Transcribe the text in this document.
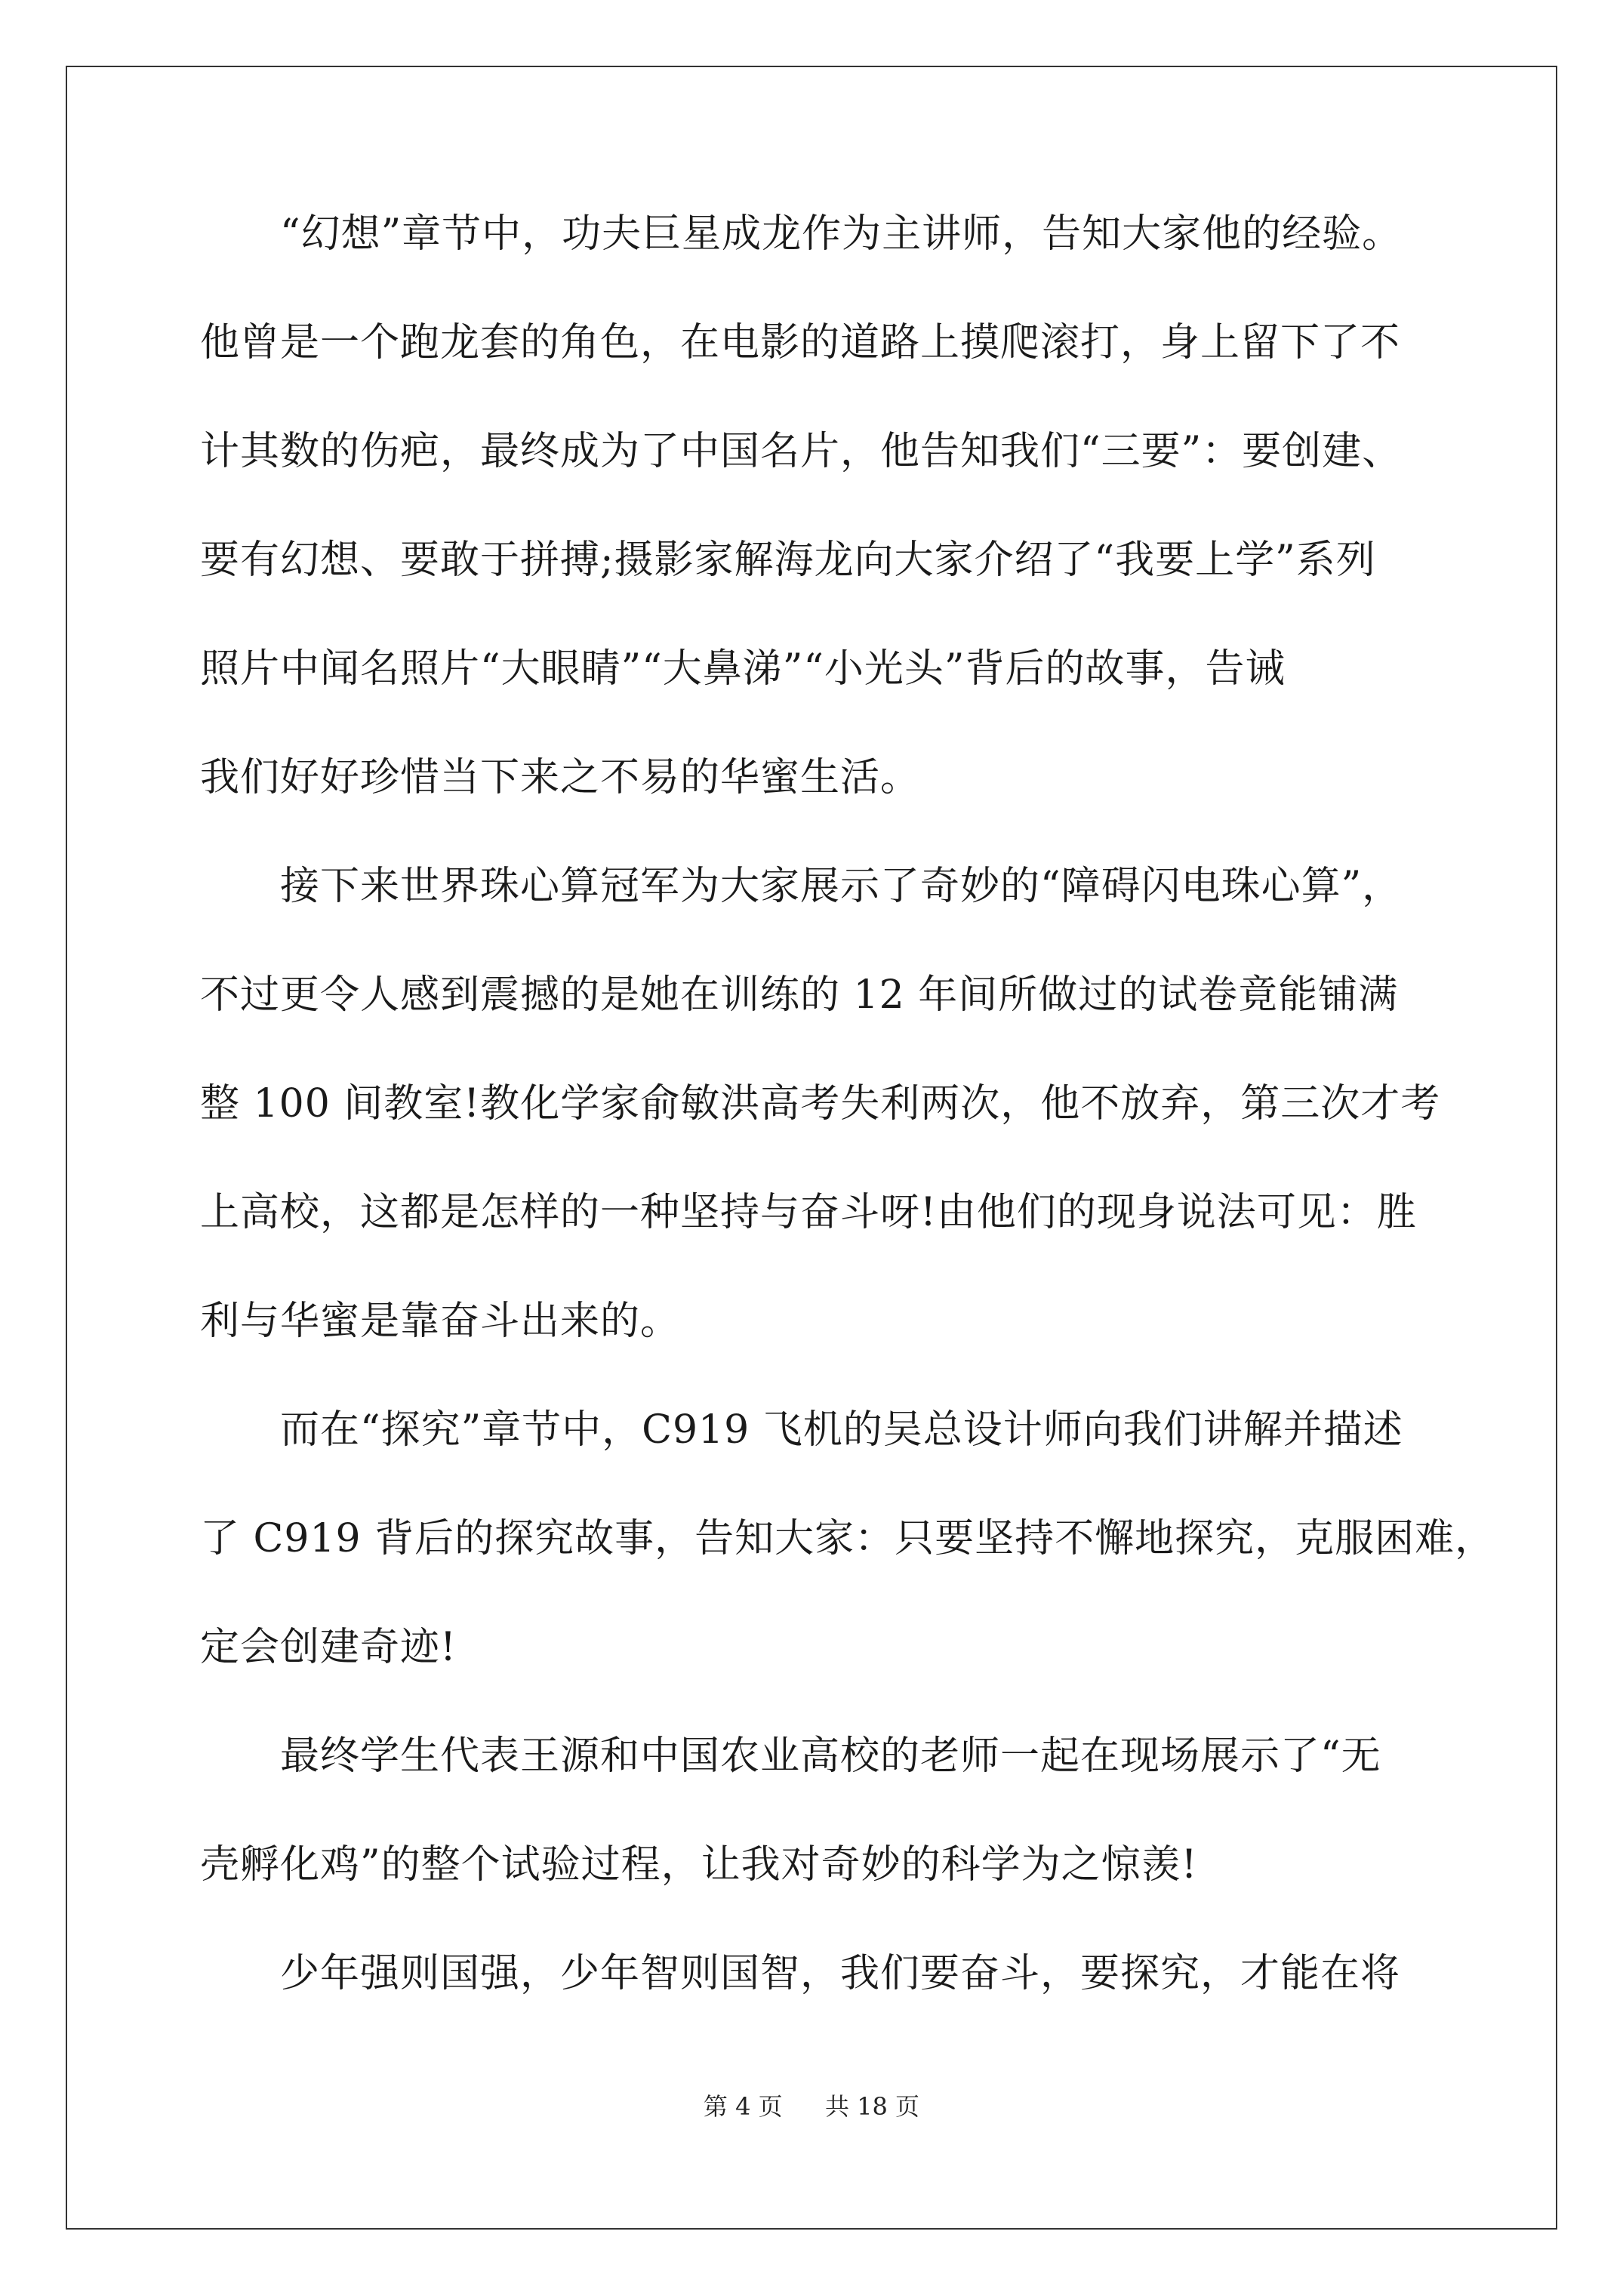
“幻想”章节中，功夫巨星成龙作为主讲师，告知大家他的经验。
他曾是一个跑龙套的角色，在电影的道路上摸爬滚打，身上留下了不
计其数的伤疤，最终成为了中国名片，他告知我们“三要”：要创建、
要有幻想、要敢于拼搏;摄影家解海龙向大家介绍了“我要上学”系列
照片中闻名照片“大眼睛”“大鼻涕”“小光头”背后的故事，告诫
我们好好珍惜当下来之不易的华蜜生活。
接下来世界珠心算冠军为大家展示了奇妙的“障碍闪电珠心算”，
不过更令人感到震撼的是她在训练的 12 年间所做过的试卷竟能铺满
整 100 间教室!教化学家俞敏洪高考失利两次，他不放弃，第三次才考
上高校，这都是怎样的一种坚持与奋斗呀!由他们的现身说法可见：胜
利与华蜜是靠奋斗出来的。
而在“探究”章节中，C919 飞机的吴总设计师向我们讲解并描述
了 C919 背后的探究故事，告知大家：只要坚持不懈地探究，克服困难，
定会创建奇迹!
最终学生代表王源和中国农业高校的老师一起在现场展示了“无
壳孵化鸡”的整个试验过程，让我对奇妙的科学为之惊羡!
少年强则国强，少年智则国智，我们要奋斗，要探究，才能在将
第 4 页 共 18 页
